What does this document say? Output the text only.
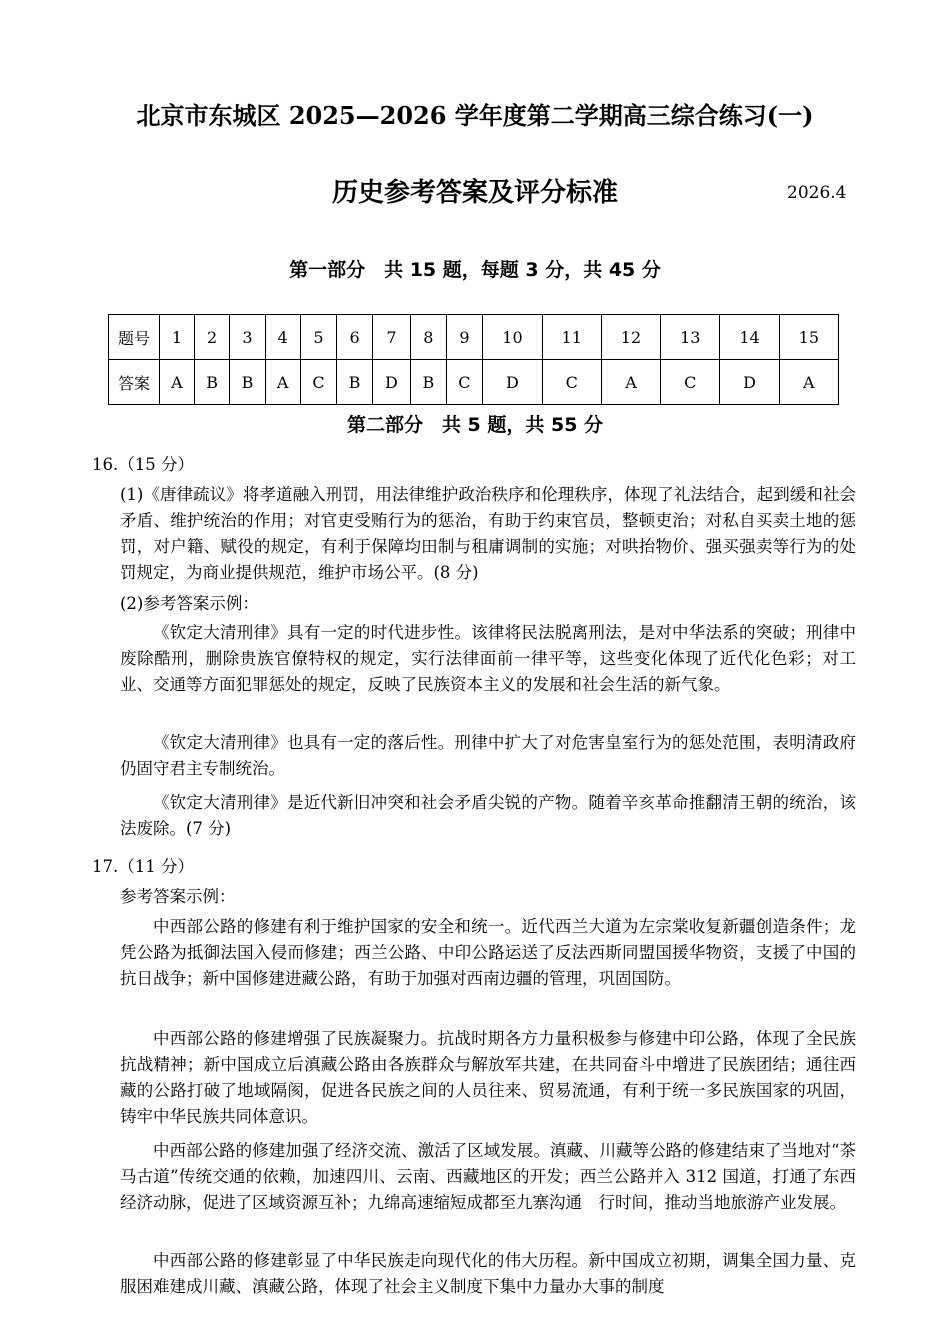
北京市东城区 2025—2026 学年度第二学期高三综合练习(一)
历史参考答案及评分标准	2026.4
第一部分　共 15 题，每题 3 分，共 45 分
题号	1	2	3	4	5	6	7	8	9	10	11	12	13	14	15
答案	A	B	B	A	C	B	D	B	C	D	C	A	C	D	A
第二部分　共 5 题，共 55 分
16.（15 分）

(1)《唐律疏议》将孝道融入刑罚，用法律维护政治秩序和伦理秩序，体现了礼法结合，起到缓和社会矛盾、维护统治的作用；对官吏受贿行为的惩治，有助于约束官员，整顿吏治；对私自买卖土地的惩罚，对户籍、赋役的规定，有利于保障均田制与租庸调制的实施；对哄抬物价、强买强卖等行为的处罚规定，为商业提供规范，维护市场公平。(8 分)

(2)参考答案示例：

《钦定大清刑律》具有一定的时代进步性。该律将民法脱离刑法，是对中华法系的突破；刑律中废除酷刑，删除贵族官僚特权的规定，实行法律面前一律平等，这些变化体现了近代化色彩；对工业、交通等方面犯罪惩处的规定，反映了民族资本主义的发展和社会生活的新气象。

《钦定大清刑律》也具有一定的落后性。刑律中扩大了对危害皇室行为的惩处范围，表明清政府仍固守君主专制统治。

《钦定大清刑律》是近代新旧冲突和社会矛盾尖锐的产物。随着辛亥革命推翻清王朝的统治，该法废除。(7 分)

17.（11 分）
参考答案示例：

中西部公路的修建有利于维护国家的安全和统一。近代西兰大道为左宗棠收复新疆创造条件；龙凭公路为抵御法国入侵而修建；西兰公路、中印公路运送了反法西斯同盟国援华物资，支援了中国的抗日战争；新中国修建进藏公路，有助于加强对西南边疆的管理，巩固国防。

中西部公路的修建增强了民族凝聚力。抗战时期各方力量积极参与修建中印公路，体现了全民族抗战精神；新中国成立后滇藏公路由各族群众与解放军共建，在共同奋斗中增进了民族团结；通往西藏的公路打破了地域隔阂，促进各民族之间的人员往来、贸易流通，有利于统一多民族国家的巩固，铸牢中华民族共同体意识。

中西部公路的修建加强了经济交流、激活了区域发展。滇藏、川藏等公路的修建结束了当地对“茶马古道”传统交通的依赖，加速四川、云南、西藏地区的开发；西兰公路并入 312 国道，打通了东西经济动脉，促进了区域资源互补；九绵高速缩短成都至九寨沟通　行时间，推动当地旅游产业发展。

中西部公路的修建彰显了中华民族走向现代化的伟大历程。新中国成立初期，调集全国力量、克服困难建成川藏、滇藏公路，体现了社会主义制度下集中力量办大事的制度
